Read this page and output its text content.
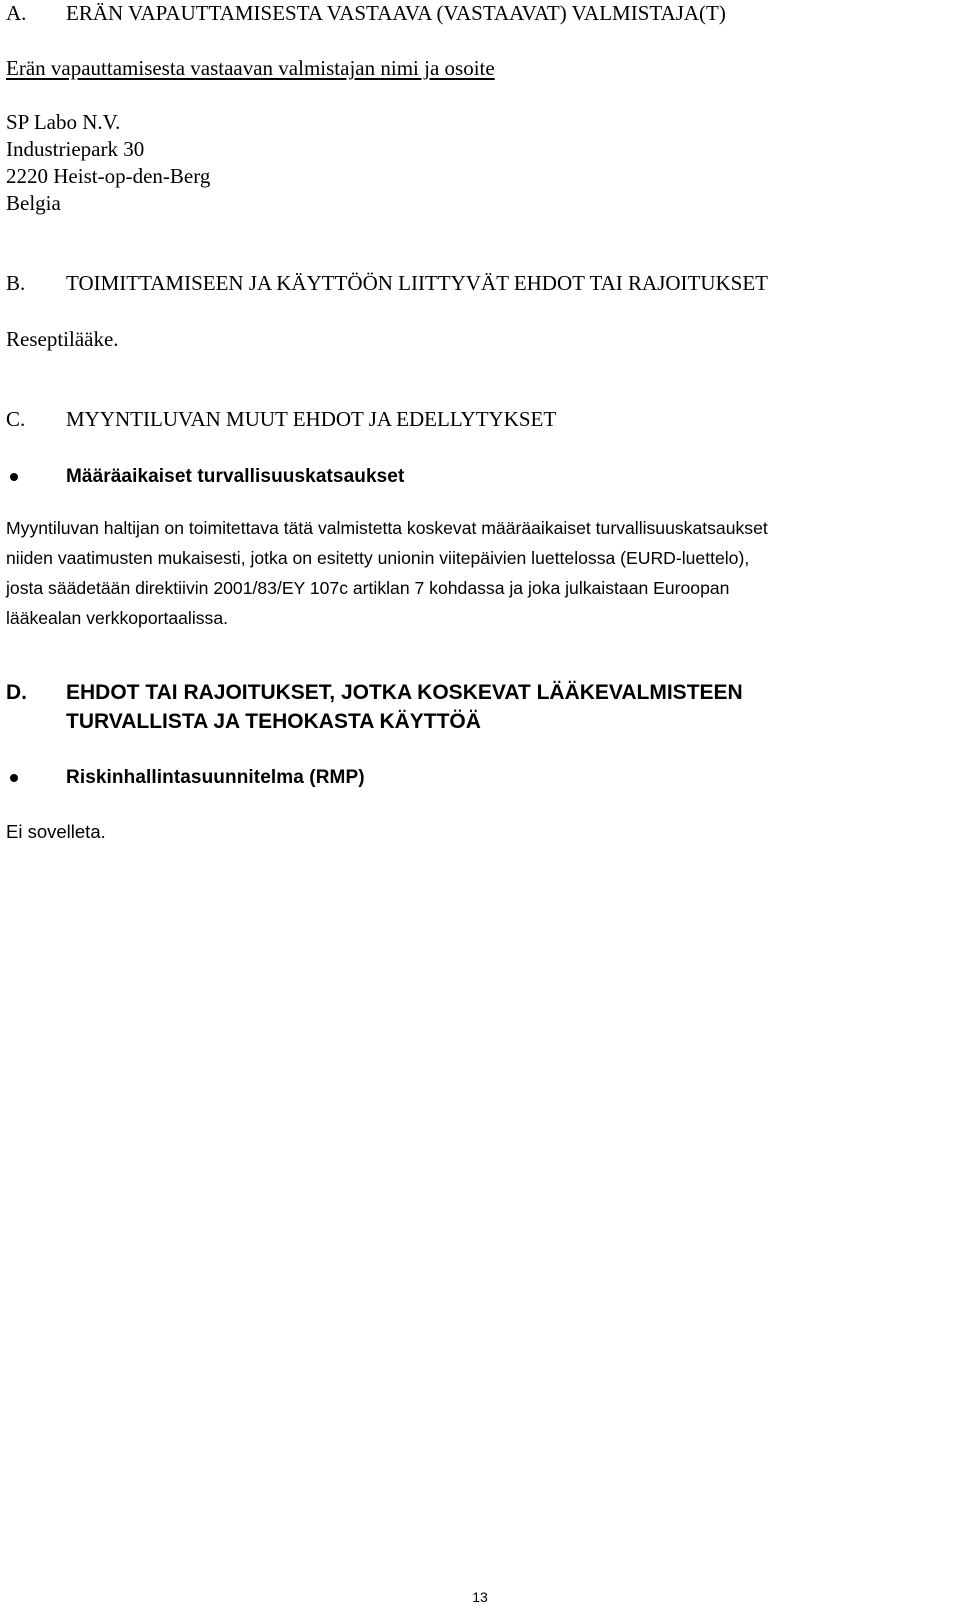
A. ERÄN VAPAUTTAMISESTA VASTAAVA (VASTAAVAT) VALMISTAJA(T)
Erän vapauttamisesta vastaavan valmistajan nimi ja osoite
SP Labo N.V.
Industriepark 30
2220 Heist-op-den-Berg
Belgia
B. TOIMITTAMISEEN JA KÄYTTÖÖN LIITTYVÄT EHDOT TAI RAJOITUKSET
Reseptilääke.
C. MYYNTILUVAN MUUT EHDOT JA EDELLYTYKSET
Määräaikaiset turvallisuuskatsaukset
Myyntiluvan haltijan on toimitettava tätä valmistetta koskevat määräaikaiset turvallisuuskatsaukset
niiden vaatimusten mukaisesti, jotka on esitetty unionin viitepäivien luettelossa (EURD-luettelo),
josta säädetään direktiivin 2001/83/EY 107c artiklan 7 kohdassa ja joka julkaistaan Euroopan
lääkealan verkkoportaalissa.
D. EHDOT TAI RAJOITUKSET, JOTKA KOSKEVAT LÄÄKEVALMISTEEN
TURVALLISTA JA TEHOKASTA KÄYTTÖÄ
Riskinhallintasuunnitelma (RMP)
Ei sovelleta.
13
